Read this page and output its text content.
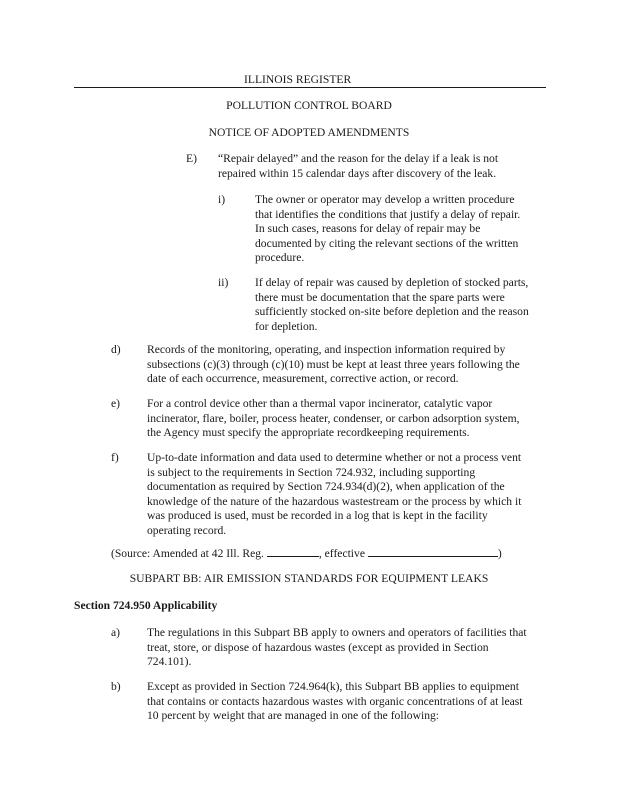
ILLINOIS REGISTER
POLLUTION CONTROL BOARD
NOTICE OF ADOPTED AMENDMENTS
E) “Repair delayed” and the reason for the delay if a leak is not
repaired within 15 calendar days after discovery of the leak.
i)	The owner or operator may develop a written procedure
that identifies the conditions that justify a delay of repair.
In such cases, reasons for delay of repair may be
documented by citing the relevant sections of the written
procedure.
ii) If delay of repair was caused by depletion of stocked parts,
there must be documentation that the spare parts were
sufficiently stocked on-site before depletion and the reason
for depletion.
d) Records of the monitoring, operating, and inspection information required by
subsections (c)(3) through (c)(10) must be kept at least three years following the
date of each occurrence, measurement, corrective action, or record.
e) For a control device other than a thermal vapor incinerator, catalytic vapor
incinerator, flare, boiler, process heater, condenser, or carbon adsorption system,
the Agency must specify the appropriate recordkeeping requirements.
f) Up-to-date information and data used to determine whether or not a process vent
is subject to the requirements in Section 724.932, including supporting
documentation as required by Section 724.934(d)(2), when application of the
knowledge of the nature of the hazardous wastestream or the process by which it
was produced is used, must be recorded in a log that is kept in the facility
operating record.
(Source: Amended at 42 Ill. Reg.	, effective	)
SUBPART BB: AIR EMISSION STANDARDS FOR EQUIPMENT LEAKS
Section 724.950 Applicability
a) The regulations in this Subpart BB apply to owners and operators of facilities that
treat, store, or dispose of hazardous wastes (except as provided in Section
724.101).
b) Except as provided in Section 724.964(k), this Subpart BB applies to equipment
that contains or contacts hazardous wastes with organic concentrations of at least
10 percent by weight that are managed in one of the following:
